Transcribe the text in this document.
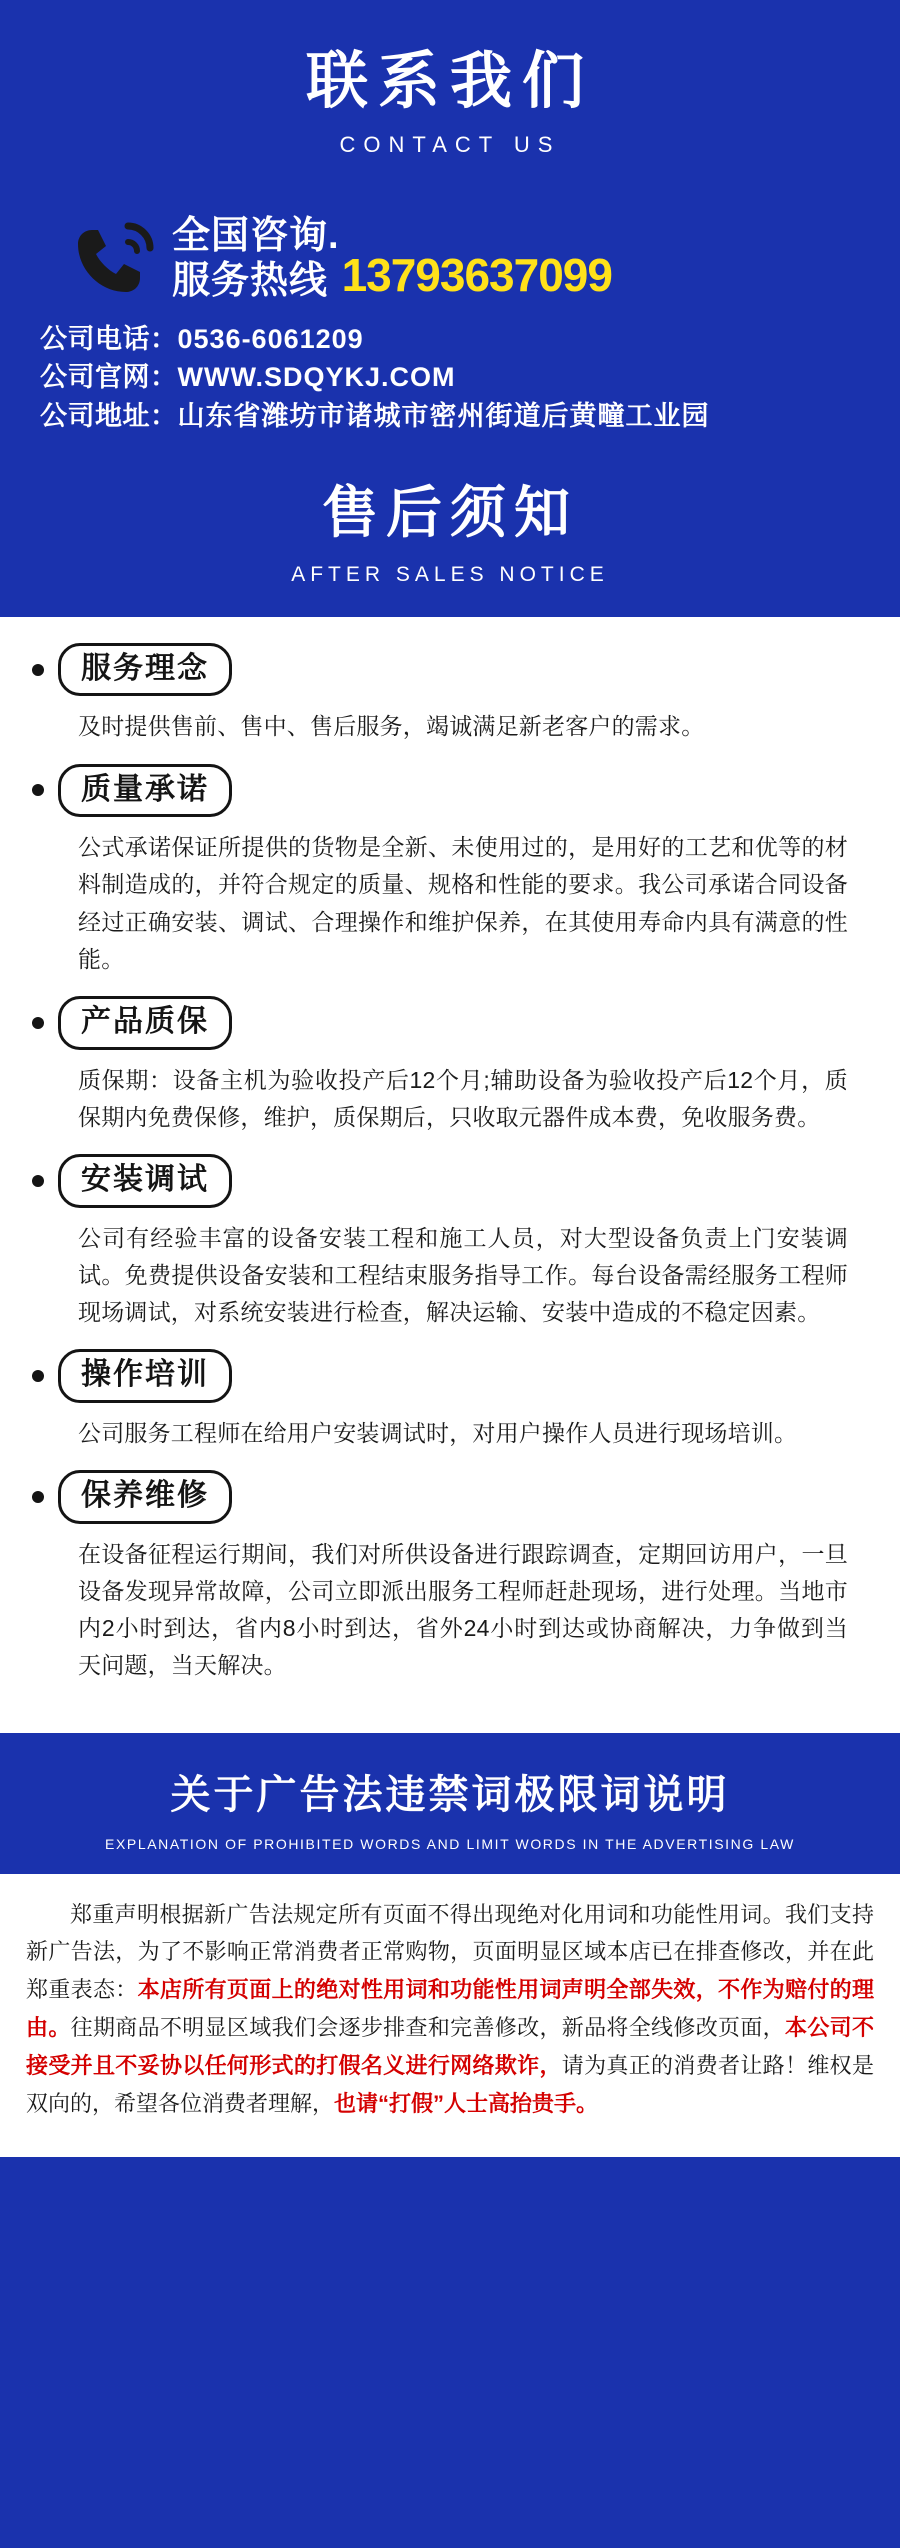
联系我们
CONTACT US
全国咨询.
服务热线 13793637099
公司电话：0536-6061209
公司官网：WWW.SDQYKJ.COM
公司地址：山东省潍坊市诸城市密州街道后黄疃工业园
售后须知
AFTER SALES NOTICE
服务理念
及时提供售前、售中、售后服务，竭诚满足新老客户的需求。
质量承诺
公式承诺保证所提供的货物是全新、未使用过的，是用好的工艺和优等的材料制造成的，并符合规定的质量、规格和性能的要求。我公司承诺合同设备经过正确安装、调试、合理操作和维护保养，在其使用寿命内具有满意的性能。
产品质保
质保期：设备主机为验收投产后12个月;辅助设备为验收投产后12个月，质保期内免费保修，维护，质保期后，只收取元器件成本费，免收服务费。
安装调试
公司有经验丰富的设备安装工程和施工人员，对大型设备负责上门安装调试。免费提供设备安装和工程结束服务指导工作。每台设备需经服务工程师现场调试，对系统安装进行检查，解决运输、安装中造成的不稳定因素。
操作培训
公司服务工程师在给用户安装调试时，对用户操作人员进行现场培训。
保养维修
在设备征程运行期间，我们对所供设备进行跟踪调查，定期回访用户，一旦设备发现异常故障，公司立即派出服务工程师赶赴现场，进行处理。当地市内2小时到达，省内8小时到达，省外24小时到达或协商解决，力争做到当天问题，当天解决。
关于广告法违禁词极限词说明
EXPLANATION OF PROHIBITED WORDS AND LIMIT WORDS IN THE ADVERTISING LAW
郑重声明根据新广告法规定所有页面不得出现绝对化用词和功能性用词。我们支持新广告法，为了不影响正常消费者正常购物，页面明显区域本店已在排查修改，并在此郑重表态：本店所有页面上的绝对性用词和功能性用词声明全部失效，不作为赔付的理由。往期商品不明显区域我们会逐步排查和完善修改，新品将全线修改页面，本公司不接受并且不妥协以任何形式的打假名义进行网络欺诈，请为真正的消费者让路！维权是双向的，希望各位消费者理解，也请“打假”人士高抬贵手。
